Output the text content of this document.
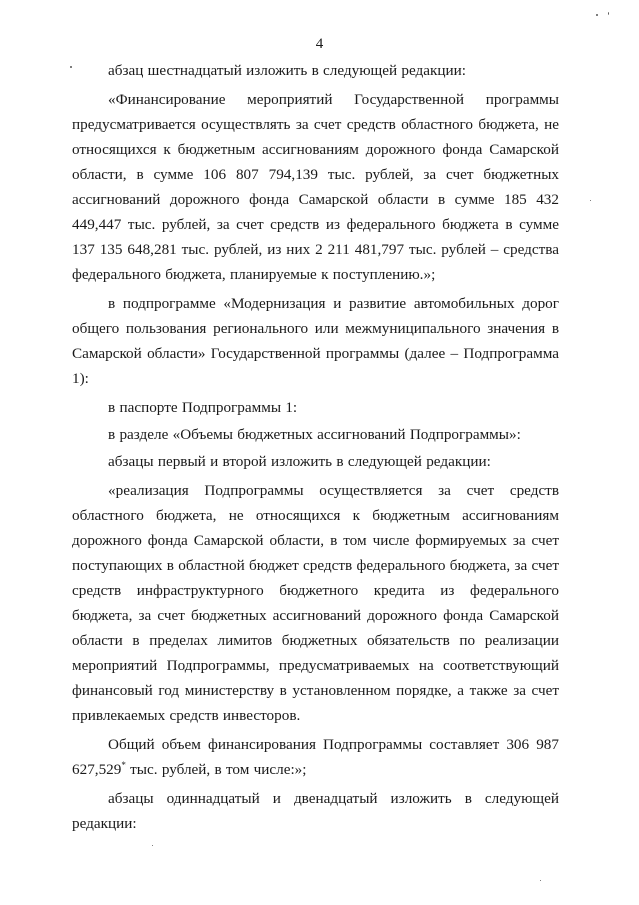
4

абзац шестнадцатый изложить в следующей редакции:

«Финансирование мероприятий Государственной программы предусматривается осуществлять за счет средств областного бюджета, не относящихся к бюджетным ассигнованиям дорожного фонда Самарской области, в сумме 106 807 794,139 тыс. рублей, за счет бюджетных ассигнований дорожного фонда Самарской области в сумме 185 432 449,447 тыс. рублей, за счет средств из федерального бюджета в сумме 137 135 648,281 тыс. рублей, из них 2 211 481,797 тыс. рублей – средства федерального бюджета, планируемые к поступлению.»;

в подпрограмме «Модернизация и развитие автомобильных дорог общего пользования регионального или межмуниципального значения в Самарской области» Государственной программы (далее – Подпрограмма 1):

в паспорте Подпрограммы 1:

в разделе «Объемы бюджетных ассигнований Подпрограммы»:

абзацы первый и второй изложить в следующей редакции:

«реализация Подпрограммы осуществляется за счет средств областного бюджета, не относящихся к бюджетным ассигнованиям дорожного фонда Самарской области, в том числе формируемых за счет поступающих в областной бюджет средств федерального бюджета, за счет средств инфраструктурного бюджетного кредита из федерального бюджета, за счет бюджетных ассигнований дорожного фонда Самарской области в пределах лимитов бюджетных обязательств по реализации мероприятий Подпрограммы, предусматриваемых на соответствующий финансовый год министерству в установленном порядке, а также за счет привлекаемых средств инвесторов.

Общий объем финансирования Подпрограммы составляет 306 987 627,529* тыс. рублей, в том числе:»;

абзацы одиннадцатый и двенадцатый изложить в следующей редакции:
